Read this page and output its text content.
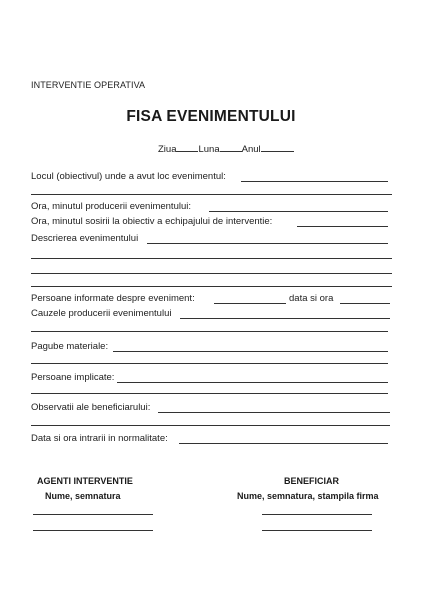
INTERVENTIE OPERATIVA
FISA EVENIMENTULUI
Ziua Luna Anul
Locul (obiectivul) unde a avut loc evenimentul:
Ora, minutul producerii evenimentului:
Ora, minutul sosirii la obiectiv a echipajului de interventie:
Descrierea evenimentului
Persoane informate despre eveniment:	data si ora
Cauzele producerii evenimentului
Pagube materiale:
Persoane implicate:
Observatii ale beneficiarului:
Data si ora intrarii in normalitate:
AGENTI INTERVENTIE
Nume, semnatura
BENEFICIAR
Nume, semnatura, stampila firma
